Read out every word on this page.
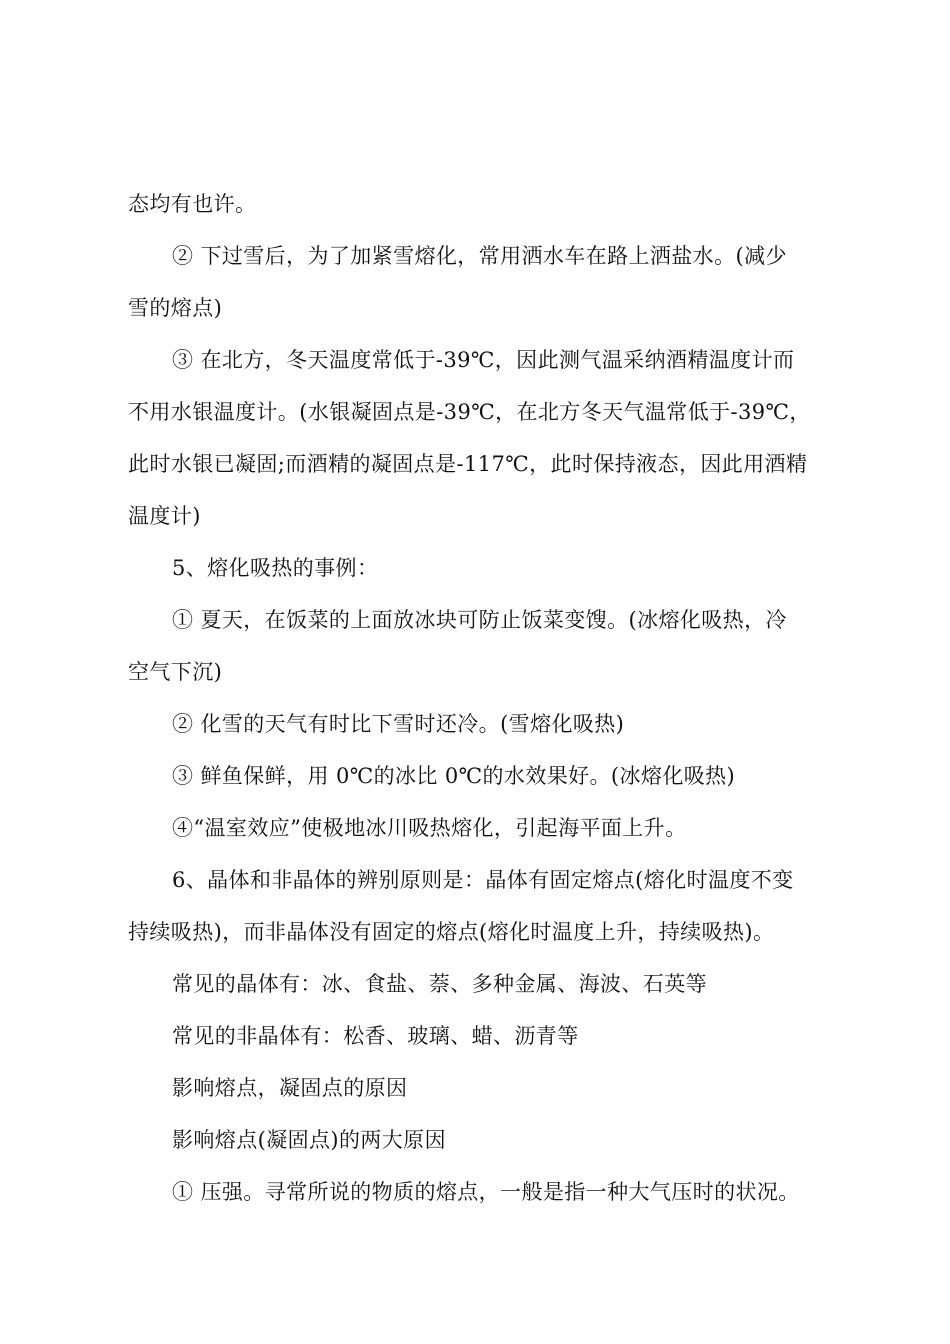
态均有也许。
② 下过雪后，为了加紧雪熔化，常用洒水车在路上洒盐水。(减少
雪的熔点)
③ 在北方，冬天温度常低于-39℃，因此测气温采纳酒精温度计而
不用水银温度计。(水银凝固点是-39℃，在北方冬天气温常低于-39℃，
此时水银已凝固;而酒精的凝固点是-117℃，此时保持液态，因此用酒精
温度计)
5、熔化吸热的事例：
① 夏天，在饭菜的上面放冰块可防止饭菜变馊。(冰熔化吸热，冷
空气下沉)
② 化雪的天气有时比下雪时还冷。(雪熔化吸热)
③ 鲜鱼保鲜，用 0℃的冰比 0℃的水效果好。(冰熔化吸热)
④“温室效应”使极地冰川吸热熔化，引起海平面上升。
6、晶体和非晶体的辨别原则是：晶体有固定熔点(熔化时温度不变
持续吸热)，而非晶体没有固定的熔点(熔化时温度上升，持续吸热)。
常见的晶体有：冰、食盐、萘、多种金属、海波、石英等
常见的非晶体有：松香、玻璃、蜡、沥青等
影响熔点，凝固点的原因
影响熔点(凝固点)的两大原因
① 压强。寻常所说的物质的熔点，一般是指一种大气压时的状况。
